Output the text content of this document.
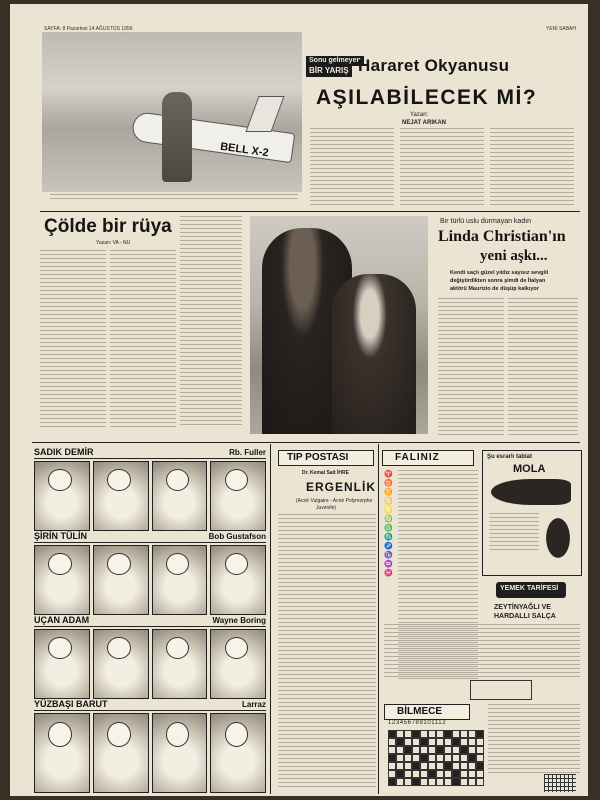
SAYFA: 8 Pazartesi 14 AĞUSTOS 1956	YENİ SABAH
BELL X-2
Sonu gelmeyen
BİR YARIŞ Hararet Okyanusu
AŞILABİLECEK Mİ?
Yazan:
NEJAT ARIKAN
Çölde bir rüya
Yazan: VA - NU
Bir türlü uslu durmayan kadın
Linda Christian'ın
yeni aşkı...
Kendi saçlı güzel yıldız sayısız sevgili
değiştirdikten sonra şimdi de İtalyan
aktörü Maurizio de düşüp kalkıyor
SADIK DEMİR	Rb. Fuller
ŞİRİN TÜLİN	Bob Gustafson
UÇAN ADAM	Wayne Boring
YÜZBAŞI BARUT	Larraz
TIP POSTASI
Dr. Kemal Sait İHRE
ERGENLİK
(Acnè Vulgaire - Acnè Polymorphe
Juvenile)
FALINIZ
♈
♉
♊
♋
♌
♍
♎
♏
♐
♑
♒
♓
Şu esrarlı tabiat
MOLA
YEMEK TARİFESİ
ZEYTİNYAĞLI VE
HARDALLI SALÇA
BİLMECE
123456789101112
